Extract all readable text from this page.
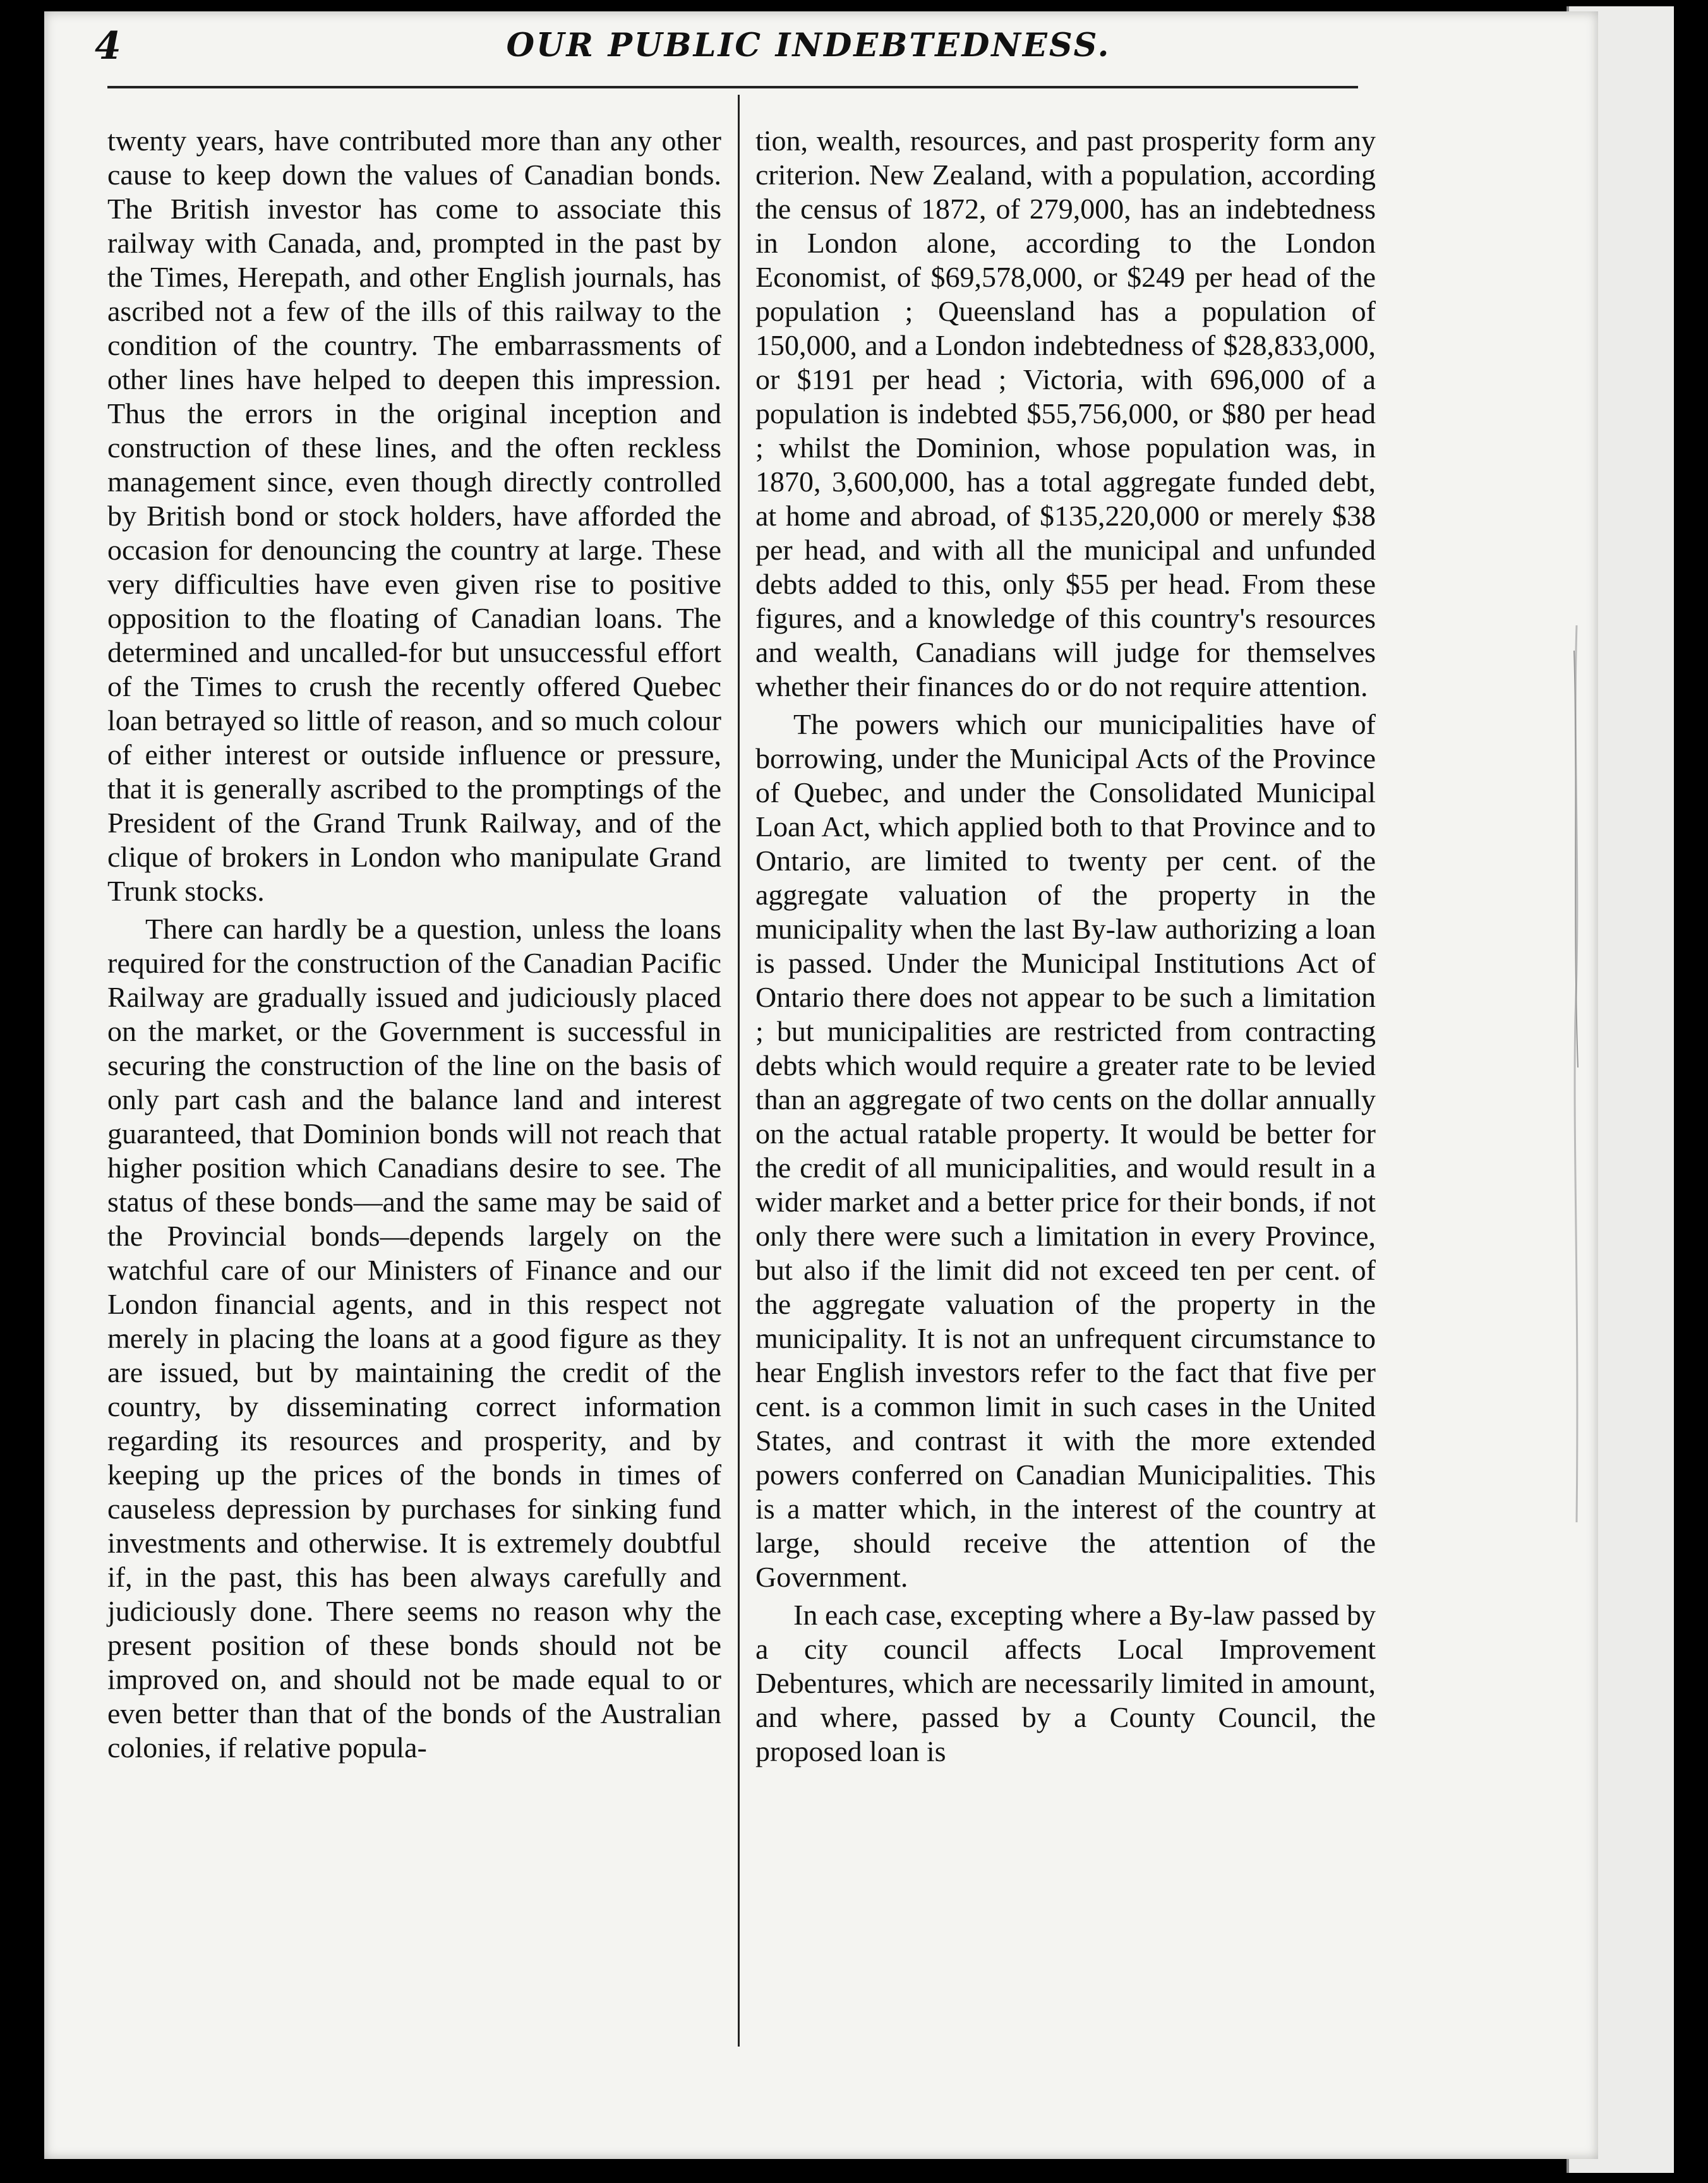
4	OUR PUBLIC INDEBTEDNESS.

twenty years, have contributed more than any other cause to keep down the values of Canadian bonds. The British investor has come to associate this railway with Canada, and, prompted in the past by the Times, Herepath, and other English journals, has ascribed not a few of the ills of this railway to the condition of the country. The embarrassments of other lines have helped to deepen this impression. Thus the errors in the original inception and construction of these lines, and the often reckless management since, even though directly controlled by British bond or stock holders, have afforded the occasion for denouncing the country at large. These very difficulties have even given rise to positive opposition to the floating of Canadian loans. The determined and uncalled-for but unsuccessful effort of the Times to crush the recently offered Quebec loan betrayed so little of reason, and so much colour of either interest or outside influence or pressure, that it is generally ascribed to the promptings of the President of the Grand Trunk Railway, and of the clique of brokers in London who manipulate Grand Trunk stocks.

There can hardly be a question, unless the loans required for the construction of the Canadian Pacific Railway are gradually issued and judiciously placed on the market, or the Government is successful in securing the construction of the line on the basis of only part cash and the balance land and interest guaranteed, that Dominion bonds will not reach that higher position which Canadians desire to see. The status of these bonds—and the same may be said of the Provincial bonds—depends largely on the watchful care of our Ministers of Finance and our London financial agents, and in this respect not merely in placing the loans at a good figure as they are issued, but by maintaining the credit of the country, by disseminating correct information regarding its resources and prosperity, and by keeping up the prices of the bonds in times of causeless depression by purchases for sinking fund investments and otherwise. It is extremely doubtful if, in the past, this has been always carefully and judiciously done. There seems no reason why the present position of these bonds should not be improved on, and should not be made equal to or even better than that of the bonds of the Australian colonies, if relative popula-

tion, wealth, resources, and past prosperity form any criterion. New Zealand, with a population, according the census of 1872, of 279,000, has an indebtedness in London alone, according to the London Economist, of $69,578,000, or $249 per head of the population ; Queensland has a population of 150,000, and a London indebtedness of $28,833,000, or $191 per head ; Victoria, with 696,000 of a population is indebted $55,756,000, or $80 per head ; whilst the Dominion, whose population was, in 1870, 3,600,000, has a total aggregate funded debt, at home and abroad, of $135,220,000 or merely $38 per head, and with all the municipal and unfunded debts added to this, only $55 per head. From these figures, and a knowledge of this country's resources and wealth, Canadians will judge for themselves whether their finances do or do not require attention.

The powers which our municipalities have of borrowing, under the Municipal Acts of the Province of Quebec, and under the Consolidated Municipal Loan Act, which applied both to that Province and to Ontario, are limited to twenty per cent. of the aggregate valuation of the property in the municipality when the last By-law authorizing a loan is passed. Under the Municipal Institutions Act of Ontario there does not appear to be such a limitation ; but municipalities are restricted from contracting debts which would require a greater rate to be levied than an aggregate of two cents on the dollar annually on the actual ratable property. It would be better for the credit of all municipalities, and would result in a wider market and a better price for their bonds, if not only there were such a limitation in every Province, but also if the limit did not exceed ten per cent. of the aggregate valuation of the property in the municipality. It is not an unfrequent circumstance to hear English investors refer to the fact that five per cent. is a common limit in such cases in the United States, and contrast it with the more extended powers conferred on Canadian Municipalities. This is a matter which, in the interest of the country at large, should receive the attention of the Government.

In each case, excepting where a By-law passed by a city council affects Local Improvement Debentures, which are necessarily limited in amount, and where, passed by a County Council, the proposed loan is
